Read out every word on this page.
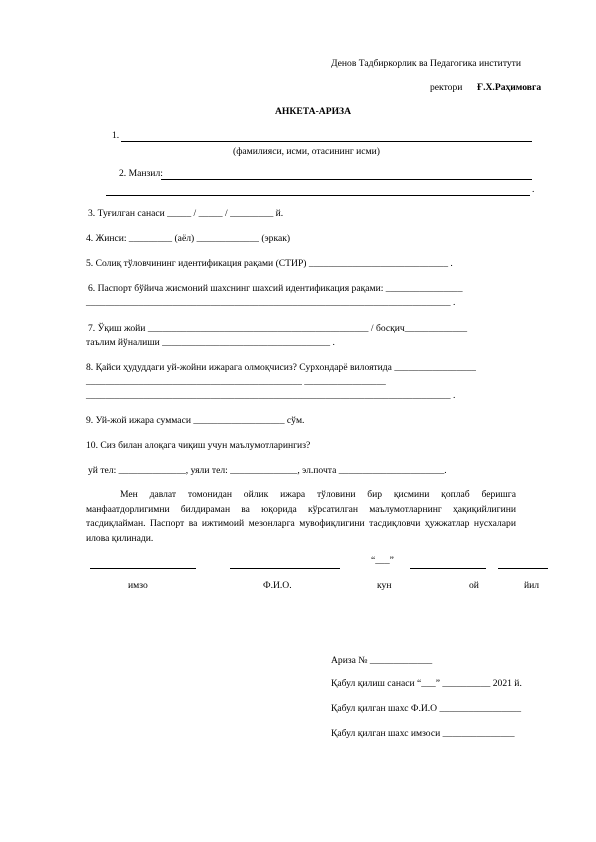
Денов Тадбиркорлик ва Педагогика институти
ректори Ғ.Х.Раҳимовга
АНКЕТА-АРИЗА
1.
(фамилияси, исми, отасининг исми)
2. Манзил:
.
3. Туғилган санаси _____ / _____ / _________ й.
4. Жинси: _________ (аёл) _____________ (эркак)
5. Солиқ тўловчининг идентификация рақами (СТИР) _____________________________ .
6. Паспорт бўйича жисмоний шахснинг шахсий идентификация рақами: ________________
____________________________________________________________________________ .
7. Ўқиш жойи ______________________________________________ / босқич_____________
таълим йўналиши ___________________________________ .
8. Қайси ҳудуддаги уй-жойни ижарага олмоқчисиз? Сурхондарё вилоятида _________________
_____________________________________________ _________________
____________________________________________________________________________ .
9. Уй-жой ижара суммаси ___________________ сўм.
10. Сиз билан алоқага чиқиш учун маълумотларингиз?
уй тел: ______________, уяли тел: ______________, эл.почта ______________________.
Мен давлат томонидан ойлик ижара тўловини бир қисмини қоплаб беришга манфаатдорлигимни билдираман ва юқорида кўрсатилган маълумотларнинг ҳақиқийлигини тасдиқлайман. Паспорт ва ижтимоий мезонларга мувофиқлигини тасдиқловчи ҳужжатлар нусхалари илова қилинади.
“___”
имзо	Ф.И.О.	кун	ой	йил
Ариза № _____________
Қабул қилиш санаси “___” __________ 2021 й.
Қабул қилган шахс Ф.И.О _________________
Қабул қилган шахс имзоси _______________
